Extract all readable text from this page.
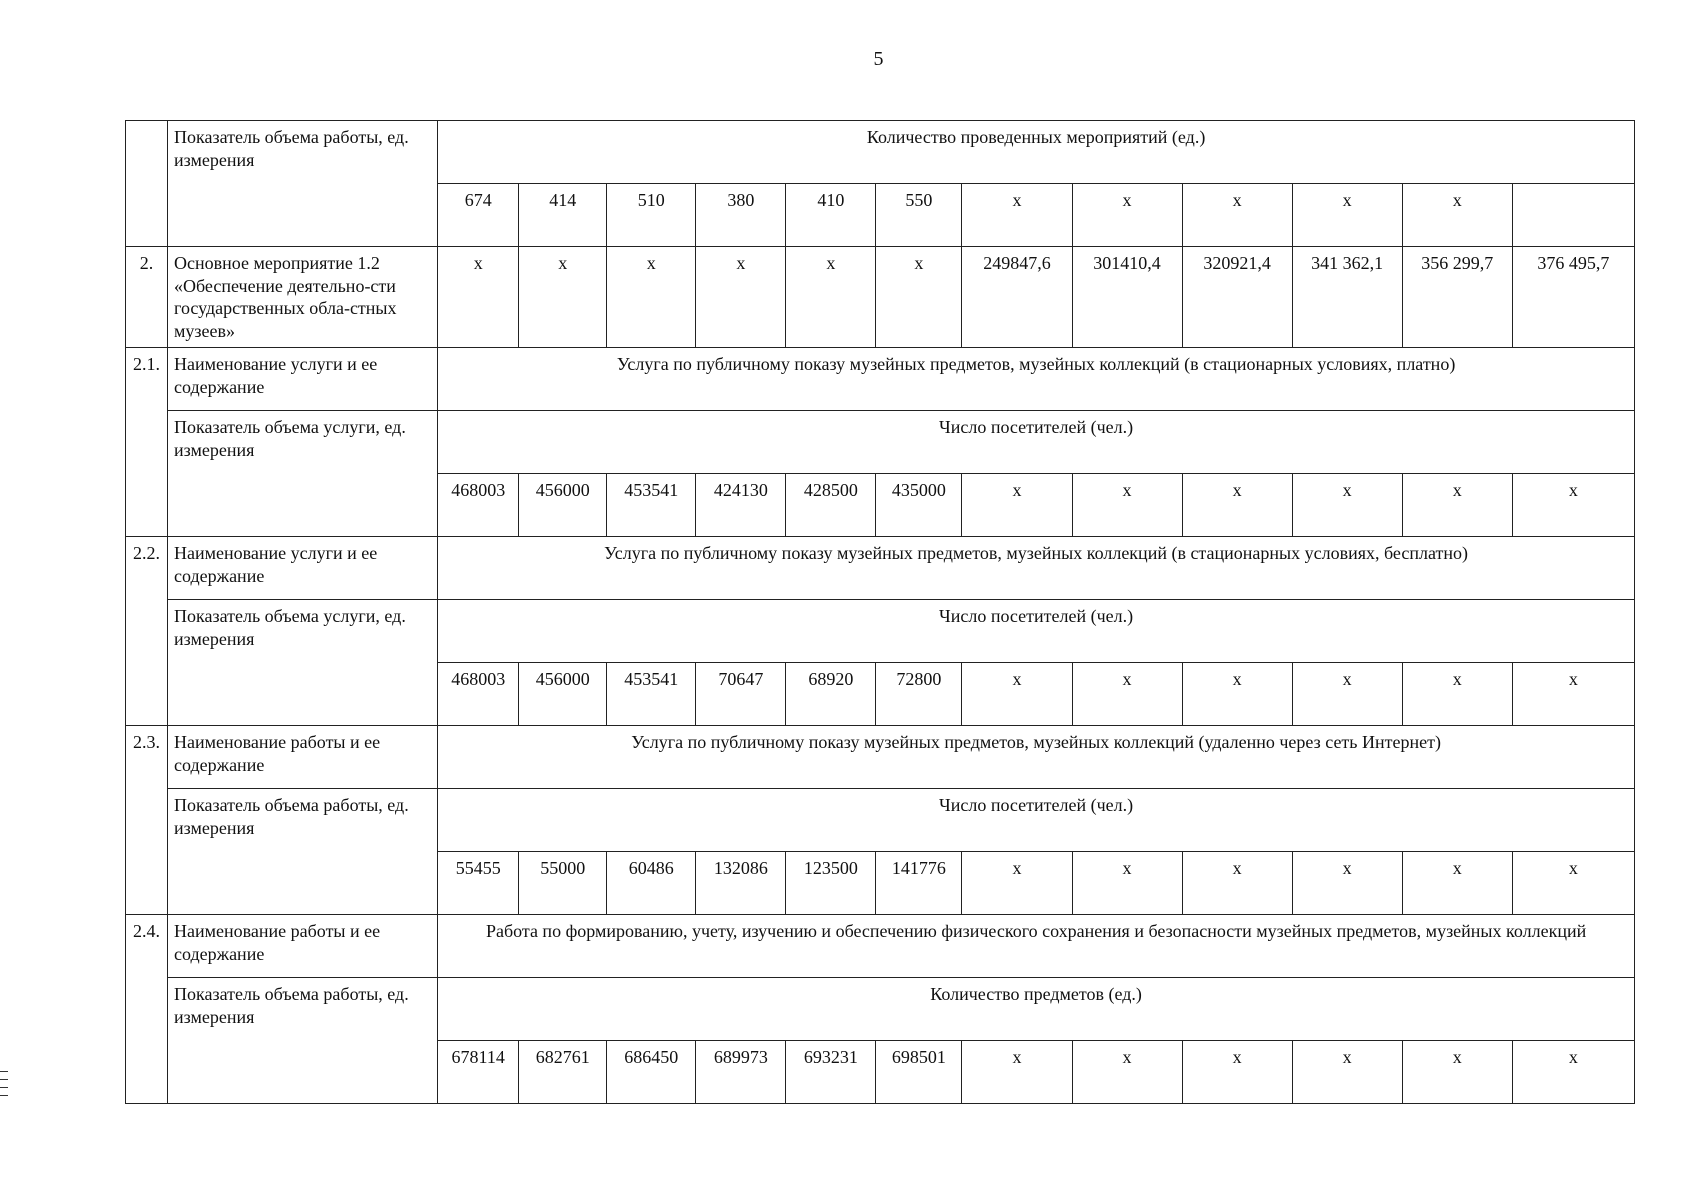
5
	Показатель объема работы, ед. измерения	Количество проведенных мероприятий (ед.)											
		674	414	510	380	410	550	х	х	х	х	х	
2.	Основное мероприятие 1.2 «Обеспечение деятельно-сти государственных обла-стных музеев»	х	х	х	х	х	х	249847,6	301410,4	320921,4	341 362,1	356 299,7	376 495,7
2.1.	Наименование услуги и ее содержание	Услуга по публичному показу музейных предметов, музейных коллекций (в стационарных условиях, платно)											
	Показатель объема услуги, ед. измерения	Число посетителей (чел.)											
		468003	456000	453541	424130	428500	435000	х	х	х	х	х	х
2.2.	Наименование услуги и ее содержание	Услуга по публичному показу музейных предметов, музейных коллекций (в стационарных условиях, бесплатно)											
	Показатель объема услуги, ед. измерения	Число посетителей (чел.)											
		468003	456000	453541	70647	68920	72800	х	х	х	х	х	х
2.3.	Наименование работы и ее содержание	Услуга по публичному показу музейных предметов, музейных коллекций (удаленно через сеть Интернет)											
	Показатель объема работы, ед. измерения	Число посетителей (чел.)											
		55455	55000	60486	132086	123500	141776	х	х	х	х	х	х
2.4.	Наименование работы и ее содержание	Работа по формированию, учету, изучению и обеспечению физического сохранения и безопасности музейных предметов, музейных коллекций											
	Показатель объема работы, ед. измерения	Количество предметов (ед.)											
		678114	682761	686450	689973	693231	698501	х	х	х	х	х	х
